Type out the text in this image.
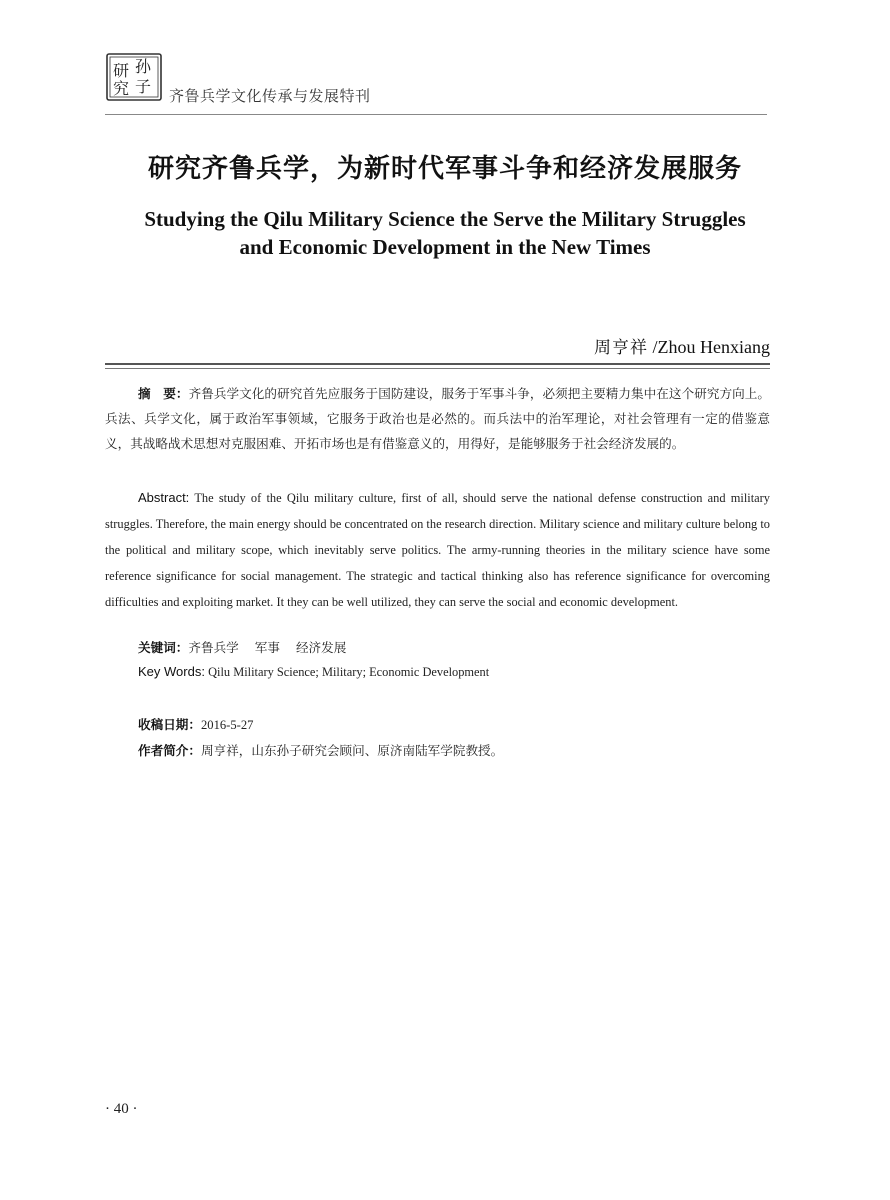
研 孙
究 子 齐鲁兵学文化传承与发展特刊
研究齐鲁兵学，为新时代军事斗争和经济发展服务
Studying the Qilu Military Science the Serve the Military Struggles
and Economic Development in the New Times
周亨祥 /Zhou Henxiang
摘　要：齐鲁兵学文化的研究首先应服务于国防建设，服务于军事斗争，必须把主要精力集中在这个研究方向上。兵法、兵学文化，属于政治军事领域，它服务于政治也是必然的。而兵法中的治军理论，对社会管理有一定的借鉴意义，其战略战术思想对克服困难、开拓市场也是有借鉴意义的，用得好，是能够服务于社会经济发展的。
Abstract: The study of the Qilu military culture, first of all, should serve the national defense construction and military struggles. Therefore, the main energy should be concentrated on the research direction. Military science and military culture belong to the political and military scope, which inevitably serve politics. The army-running theories in the military science have some reference significance for social management. The strategic and tactical thinking also has reference significance for overcoming difficulties and exploiting market. It they can be well utilized, they can serve the social and economic development.
关键词：齐鲁兵学 军事 经济发展
Key Words: Qilu Military Science; Military; Economic Development
收稿日期：2016-5-27
作者简介：周亨祥，山东孙子研究会顾问、原济南陆军学院教授。
· 40 ·
